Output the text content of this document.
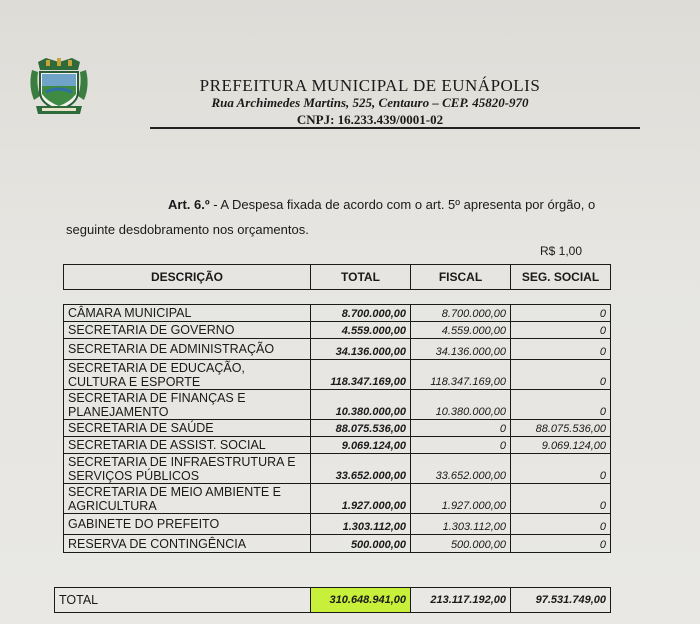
PREFEITURA MUNICIPAL DE EUNÁPOLIS
Rua Archimedes Martins, 525, Centauro – CEP. 45820-970
CNPJ: 16.233.439/0001-02
Art. 6.º - A Despesa fixada de acordo com o art. 5º apresenta por órgão, o
seguinte desdobramento nos orçamentos.
R$ 1,00
DESCRIÇÃO	TOTAL	FISCAL	SEG. SOCIAL
CÂMARA MUNICIPAL	8.700.000,00	8.700.000,00	0
SECRETARIA DE GOVERNO	4.559.000,00	4.559.000,00	0
SECRETARIA DE ADMINISTRAÇÃO	34.136.000,00	34.136.000,00	0
SECRETARIA DE EDUCAÇÃO, CULTURA E ESPORTE	118.347.169,00	118.347.169,00	0
SECRETARIA DE FINANÇAS E PLANEJAMENTO	10.380.000,00	10.380.000,00	0
SECRETARIA DE SAÚDE	88.075.536,00	0	88.075.536,00
SECRETARIA DE ASSIST. SOCIAL	9.069.124,00	0	9.069.124,00
SECRETARIA DE INFRAESTRUTURA E SERVIÇOS PÚBLICOS	33.652.000,00	33.652.000,00	0
SECRETARIA DE MEIO AMBIENTE E AGRICULTURA	1.927.000,00	1.927.000,00	0
GABINETE DO PREFEITO	1.303.112,00	1.303.112,00	0
RESERVA DE CONTINGÊNCIA	500.000,00	500.000,00	0
TOTAL	310.648.941,00	213.117.192,00	97.531.749,00
